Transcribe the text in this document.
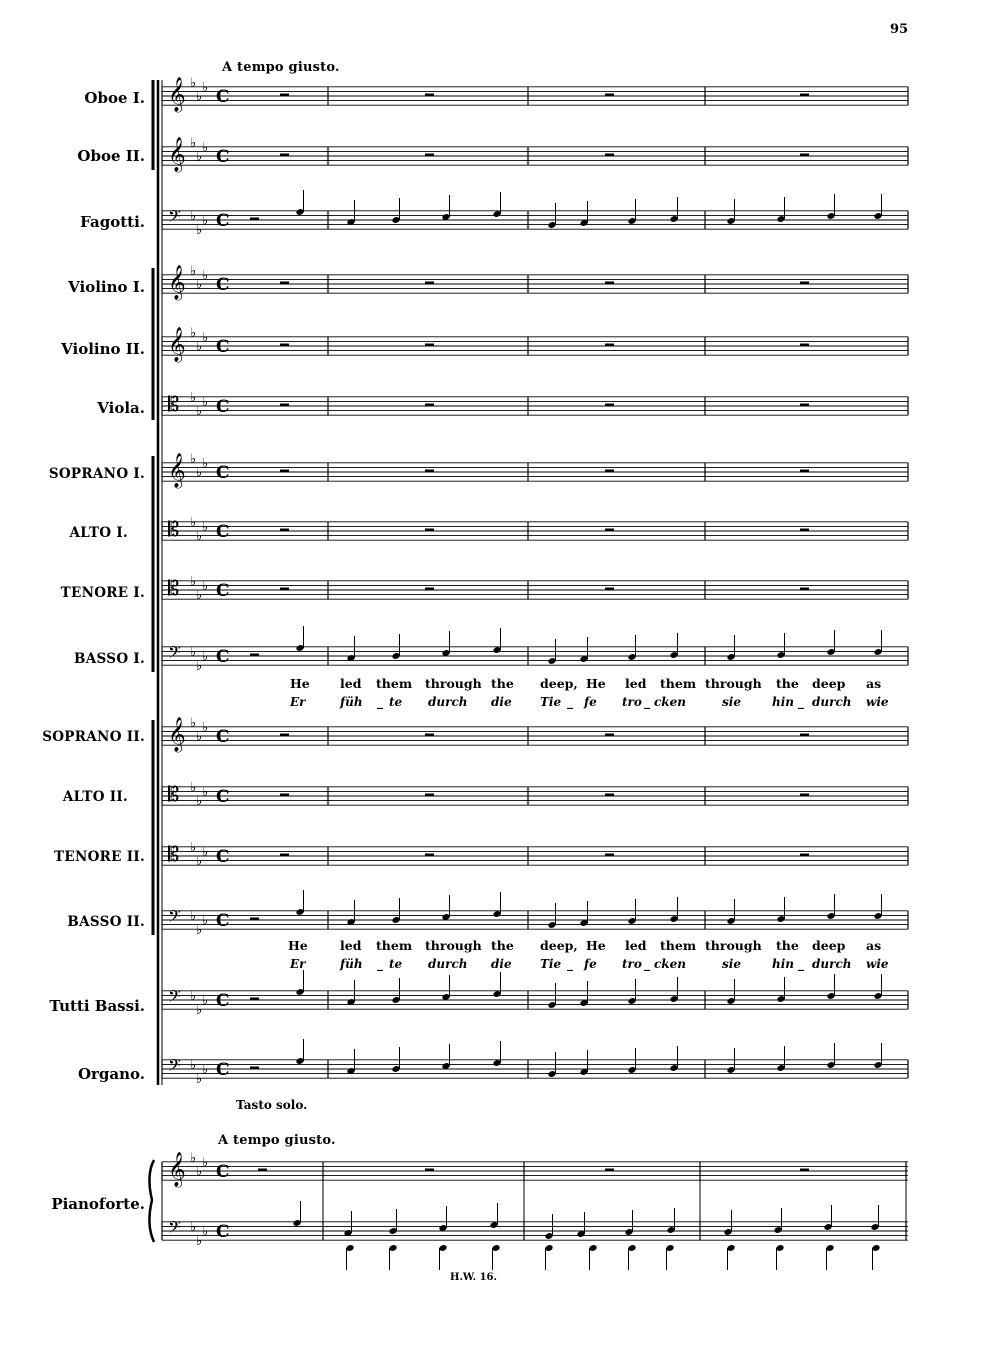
95
A tempo giusto.
Oboe I.
Oboe II.
Fagotti.
Violino I.
Violino II.
Viola.
SOPRANO I.
ALTO I.
TENORE I.
BASSO I.
SOPRANO II.
ALTO II.
TENORE II.
BASSO II.
Tutti Bassi.
Organo.
Pianoforte.
He led them through the deep, He led them through the deep as
Er	füh _ te durch die Tie _ fe tro _ cken	sie	hin _ durch wie
He	led them through the deep, He led them through the deep as
Er	füh _ te durch die Tie _ fe tro _ cken	sie	hin _ durch wie
Tasto solo.
A tempo giusto.
H.W. 16.
𝄞 ♭
♭
♭ C
𝄞 ♭
♭
♭ C
𝄢 ♭
♭
♭ C
𝄞 ♭
♭
♭ C
𝄞 ♭
♭
♭ C
𝄡 ♭
♭
♭ C
𝄞 ♭
♭
♭ C
𝄡 ♭
♭
♭ C
𝄡 ♭
♭
♭ C
𝄢 ♭
♭
♭ C
𝄞 ♭
♭
♭ C
𝄡 ♭
♭
♭ C
𝄡 ♭
♭
♭ C
𝄢 ♭
♭
♭ C
𝄢 ♭
♭
♭ C
𝄢 ♭
♭
♭ C
𝄞 ♭
♭
♭ C
𝄢 ♭
♭
♭ C
